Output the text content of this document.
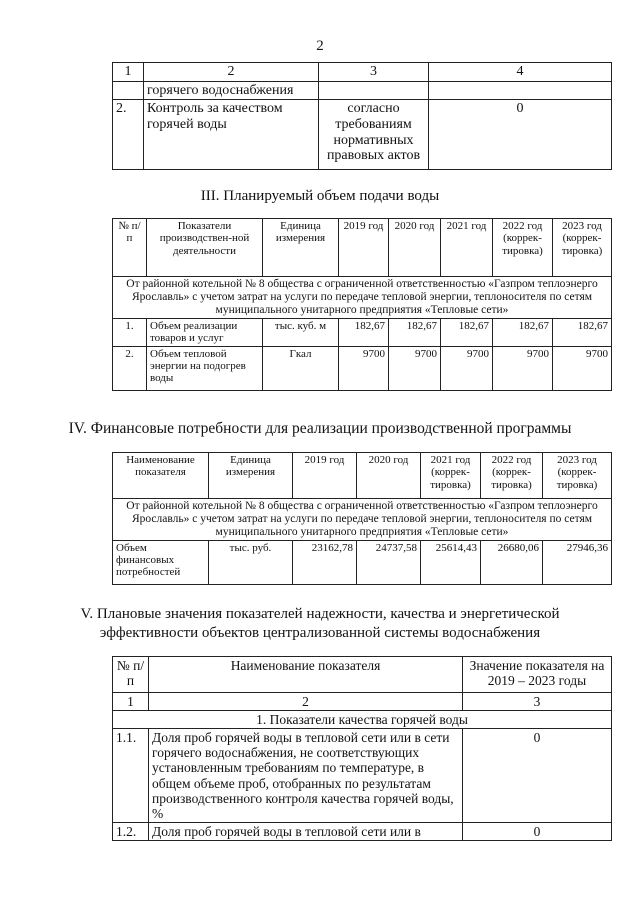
2
1	2	3	4
	горячего водоснабжения		
2.	Контроль за качеством горячей воды	согласно требованиям нормативных правовых актов	0
III. Планируемый объем подачи воды
№ п/п	Показатели производствен-ной деятельности	Единица измерения	2019 год	2020 год	2021 год	2022 год (коррек-тировка)	2023 год (коррек-тировка)
От районной котельной № 8 общества с ограниченной ответственностью «Газпром теплоэнерго Ярославль» с учетом затрат на услуги по передаче тепловой энергии, теплоносителя по сетям муниципального унитарного предприятия «Тепловые сети»							
1.	Объем реализации товаров и услуг	тыс. куб. м	182,67	182,67	182,67	182,67	182,67
2.	Объем тепловой энергии на подогрев воды	Гкал	9700	9700	9700	9700	9700
IV. Финансовые потребности для реализации производственной программы
Наименование показателя	Единица измерения	2019 год	2020 год	2021 год (коррек-тировка)	2022 год (коррек-тировка)	2023 год (коррек-тировка)
От районной котельной № 8 общества с ограниченной ответственностью «Газпром теплоэнерго Ярославль» с учетом затрат на услуги по передаче тепловой энергии, теплоносителя по сетям муниципального унитарного предприятия «Тепловые сети»						
Объем финансовых потребностей	тыс. руб.	23162,78	24737,58	25614,43	26680,06	27946,36
V. Плановые значения показателей надежности, качества и энергетической
эффективности объектов централизованной системы водоснабжения
№ п/п	Наименование показателя	Значение показателя на 2019 – 2023 годы
1	2	3
1. Показатели качества горячей воды		
1.1.	Доля проб горячей воды в тепловой сети или в сети горячего водоснабжения, не соответствующих установленным требованиям по температуре, в общем объеме проб, отобранных по результатам производственного контроля качества горячей воды, %	0
1.2.	Доля проб горячей воды в тепловой сети или в	0
